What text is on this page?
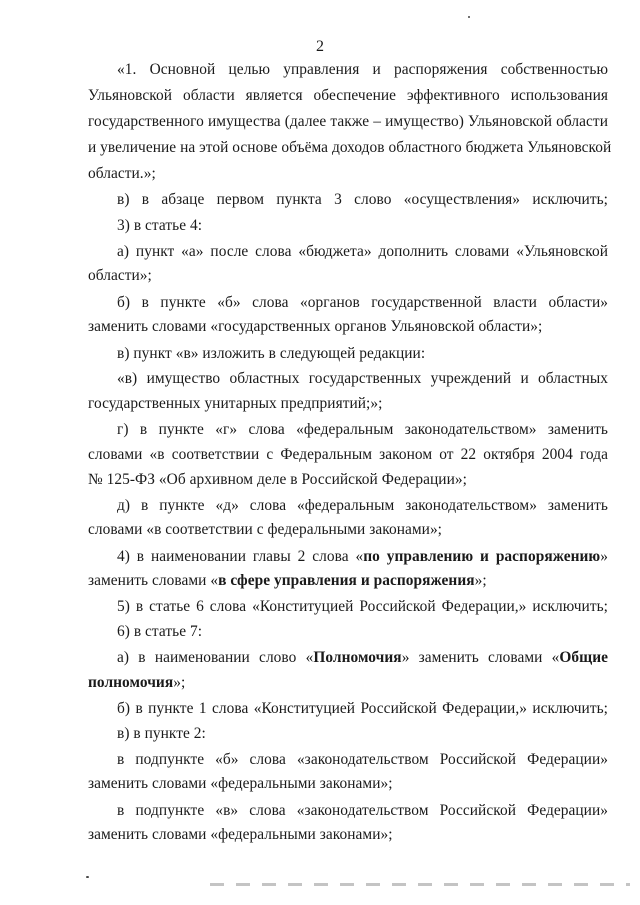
2
«1. Основной целью управления и распоряжения собственностью
Ульяновской области является обеспечение эффективного использования
государственного имущества (далее также – имущество) Ульяновской области
и увеличение на этой основе объёма доходов областного бюджета Ульяновской
области.»;
в) в абзаце первом пункта 3 слово «осуществления» исключить;
3) в статье 4:
а) пункт «а» после слова «бюджета» дополнить словами «Ульяновской
области»;
б) в пункте «б» слова «органов государственной власти области»
заменить словами «государственных органов Ульяновской области»;
в) пункт «в» изложить в следующей редакции:
«в) имущество областных государственных учреждений и областных
государственных унитарных предприятий;»;
г) в пункте «г» слова «федеральным законодательством» заменить
словами «в соответствии с Федеральным законом от 22 октября 2004 года
№ 125-ФЗ «Об архивном деле в Российской Федерации»;
д) в пункте «д» слова «федеральным законодательством» заменить
словами «в соответствии с федеральными законами»;
4) в наименовании главы 2 слова «по управлению и распоряжению»
заменить словами «в сфере управления и распоряжения»;
5) в статье 6 слова «Конституцией Российской Федерации,» исключить;
6) в статье 7:
а) в наименовании слово «Полномочия» заменить словами «Общие
полномочия»;
б) в пункте 1 слова «Конституцией Российской Федерации,» исключить;
в) в пункте 2:
в подпункте «б» слова «законодательством Российской Федерации»
заменить словами «федеральными законами»;
в подпункте «в» слова «законодательством Российской Федерации»
заменить словами «федеральными законами»;
